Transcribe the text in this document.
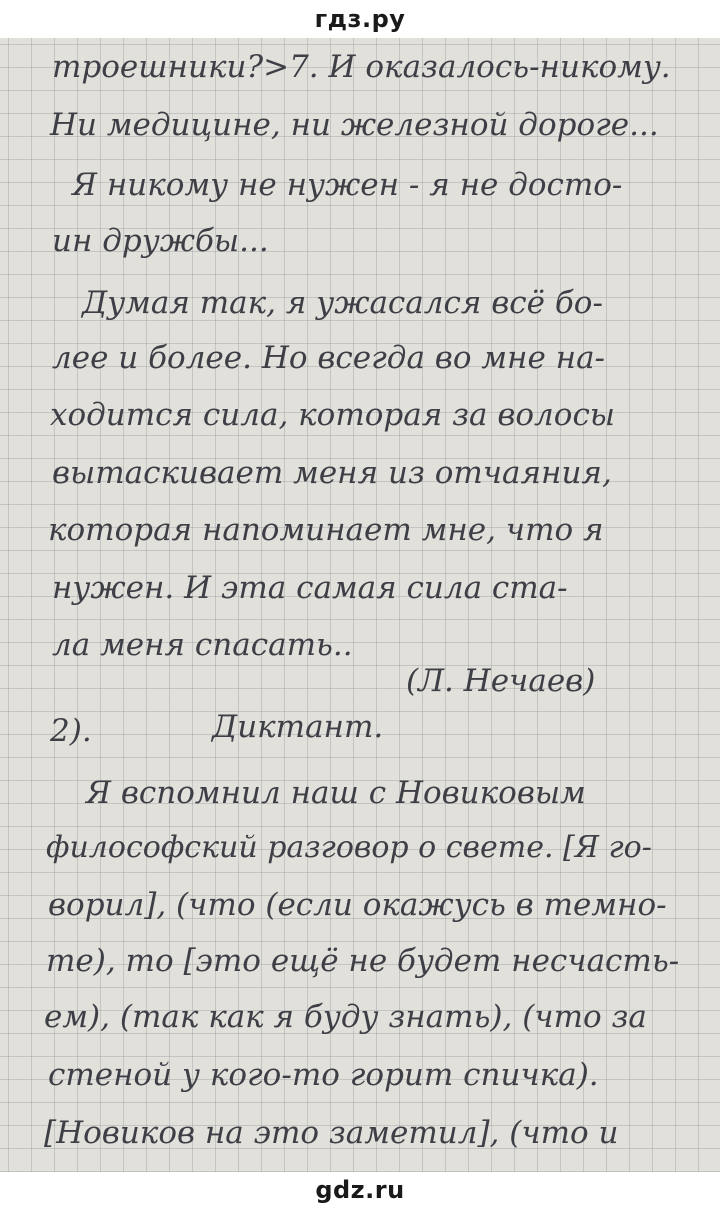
гдз.ру
троешники?>7. И оказалось-никому.
Ни медицине, ни железной дороге...
Я никому не нужен - я не досто-
ин дружбы...
Думая так, я ужасался всё бо-
лее и более. Но всегда во мне на-
ходится сила, которая за волосы
вытаскивает меня из отчаяния,
которая напоминает мне, что я
нужен. И эта самая сила ста-
ла меня спасать..
(Л. Нечаев)
2).	Диктант.
Я вспомнил наш с Новиковым
философский разговор о свете. [Я го-
ворил], (что (если окажусь в темно-
те), то [это ещё не будет несчасть-
ем), (так как я буду знать), (что за
стеной у кого-то горит спичка).
[Новиков на это заметил], (что и
gdz.ru
